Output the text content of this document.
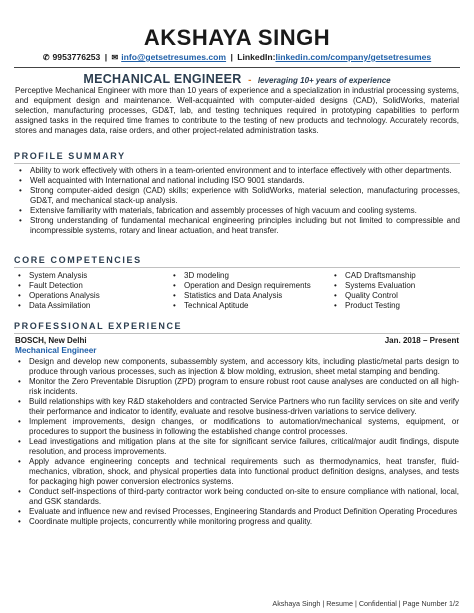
AKSHAYA SINGH
✆ 9953776253 | ✉ info@getsetresumes.com | LinkedIn:linkedin.com/company/getsetresumes
MECHANICAL ENGINEER - leveraging 10+ years of experience
Perceptive Mechanical Engineer with more than 10 years of experience and a specialization in industrial processing systems, and equipment design and maintenance. Well-acquainted with computer-aided designs (CAD), SolidWorks, material selection, manufacturing processes, GD&T, lab, and testing techniques required in prototyping capabilities to perform assigned tasks in the required time frames to contribute to the testing of new products and technology. Accurately records, stores and manages data, raise orders, and other project-related administration tasks.
PROFILE SUMMARY
• Ability to work effectively with others in a team-oriented environment and to interface effectively with other departments.
• Well acquainted with International and national including ISO 9001 standards.
• Strong computer-aided design (CAD) skills; experience with SolidWorks, material selection, manufacturing processes, GD&T, and mechanical stack-up analysis.
• Extensive familiarity with materials, fabrication and assembly processes of high vacuum and cooling systems.
• Strong understanding of fundamental mechanical engineering principles including but not limited to compressible and incompressible systems, rotary and linear actuation, and heat transfer.
CORE COMPETENCIES
• System Analysis
• Fault Detection
• Operations Analysis
• Data Assimilation
• 3D modeling
• Operation and Design requirements
• Statistics and Data Analysis
• Technical Aptitude
• CAD Draftsmanship
• Systems Evaluation
• Quality Control
• Product Testing
PROFESSIONAL EXPERIENCE
BOSCH, New Delhi	Jan. 2018 – Present
Mechanical Engineer
• Design and develop new components, subassembly system, and accessory kits, including plastic/metal parts design to produce through various processes, such as injection & blow molding, extrusion, sheet metal stamping and bending.
• Monitor the Zero Preventable Disruption (ZPD) program to ensure robust root cause analyses are conducted on all high-risk incidents.
• Build relationships with key R&D stakeholders and contracted Service Partners who run facility services on site and verify their performance and indicator to identify, evaluate and resolve business-driven variations to service delivery.
• Implement improvements, design changes, or modifications to automation/mechanical systems, equipment, or procedures to support the business in following the established change control processes.
• Lead investigations and mitigation plans at the site for significant service failures, critical/major audit findings, dispute resolution, and process improvements.
• Apply advance engineering concepts and technical requirements such as thermodynamics, heat transfer, fluid-mechanics, vibration, shock, and physical properties data into functional product definition designs, analyses, and tests for packaging high power conversion electronics systems.
• Conduct self-inspections of third-party contractor work being conducted on-site to ensure compliance with national, local, and GSK standards.
• Evaluate and influence new and revised Processes, Engineering Standards and Product Definition Operating Procedures
• Coordinate multiple projects, concurrently while monitoring progress and quality.
Akshaya Singh | Resume | Confidential | Page Number 1/2
